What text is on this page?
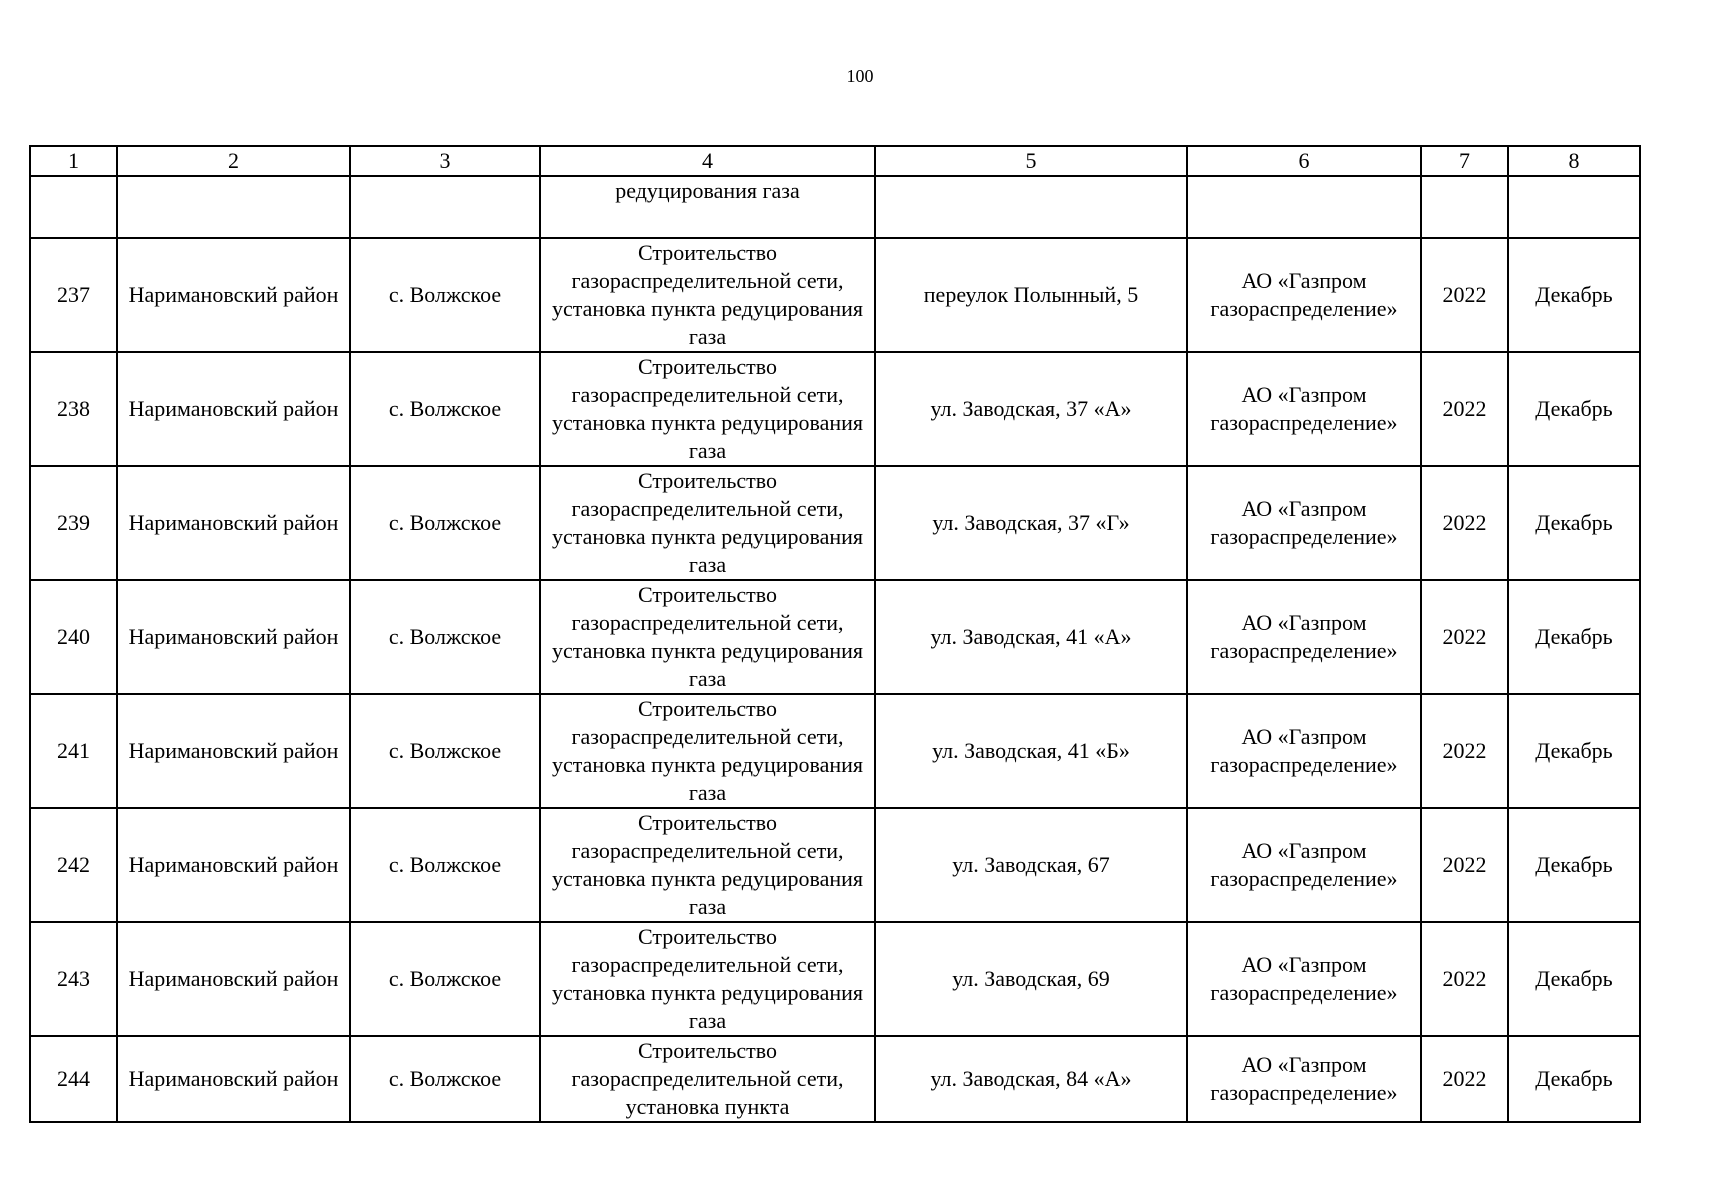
100
1	2	3	4	5	6	7	8
			редуцирования газа				
237	Наримановский район	с. Волжское	Строительство газораспределительной сети, установка пункта редуцирования газа	переулок Полынный, 5	АО «Газпром газораспределение»	2022	Декабрь
238	Наримановский район	с. Волжское	Строительство газораспределительной сети, установка пункта редуцирования газа	ул. Заводская, 37 «А»	АО «Газпром газораспределение»	2022	Декабрь
239	Наримановский район	с. Волжское	Строительство газораспределительной сети, установка пункта редуцирования газа	ул. Заводская, 37 «Г»	АО «Газпром газораспределение»	2022	Декабрь
240	Наримановский район	с. Волжское	Строительство газораспределительной сети, установка пункта редуцирования газа	ул. Заводская, 41 «А»	АО «Газпром газораспределение»	2022	Декабрь
241	Наримановский район	с. Волжское	Строительство газораспределительной сети, установка пункта редуцирования газа	ул. Заводская, 41 «Б»	АО «Газпром газораспределение»	2022	Декабрь
242	Наримановский район	с. Волжское	Строительство газораспределительной сети, установка пункта редуцирования газа	ул. Заводская, 67	АО «Газпром газораспределение»	2022	Декабрь
243	Наримановский район	с. Волжское	Строительство газораспределительной сети, установка пункта редуцирования газа	ул. Заводская, 69	АО «Газпром газораспределение»	2022	Декабрь
244	Наримановский район	с. Волжское	Строительство газораспределительной сети, установка пункта	ул. Заводская, 84 «А»	АО «Газпром газораспределение»	2022	Декабрь
